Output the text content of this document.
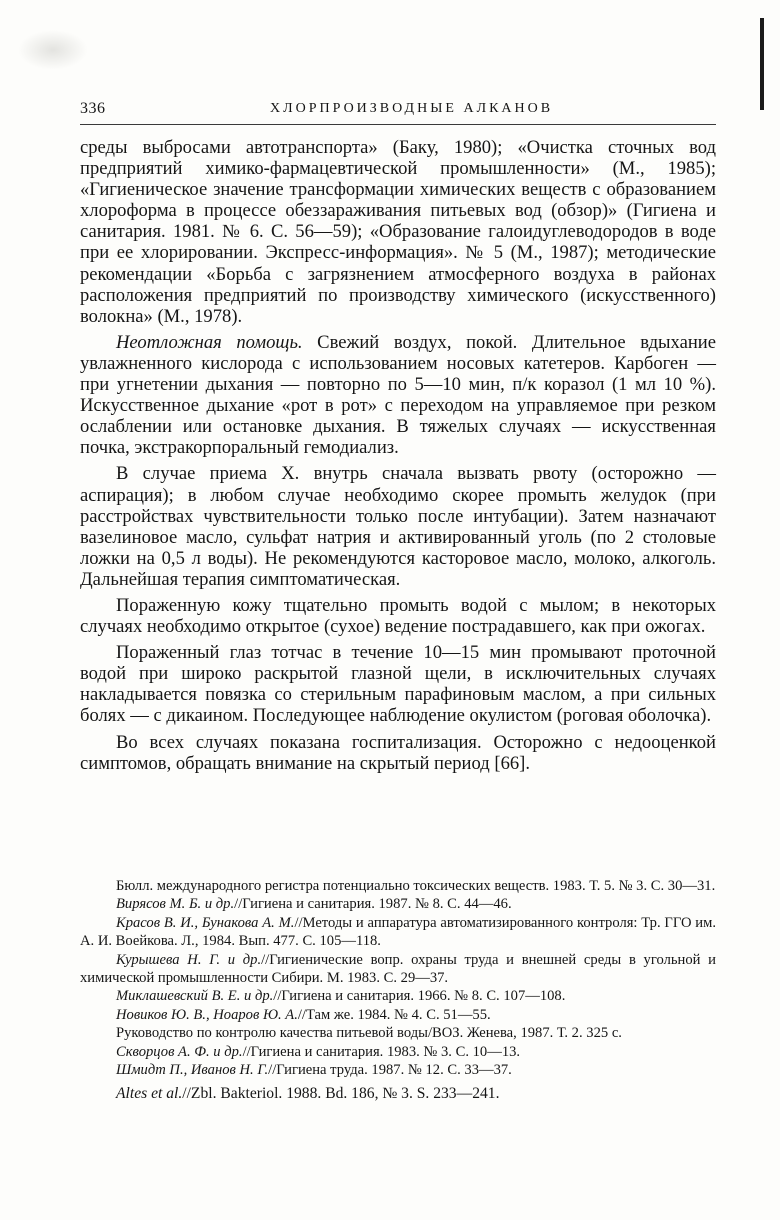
336	ХЛОРПРОИЗВОДНЫЕ АЛКАНОВ

среды выбросами автотранспорта» (Баку, 1980); «Очистка сточных вод предприятий химико-фармацевтической промышленности» (М., 1985); «Гигиеническое значение трансформации химических веществ с образованием хлороформа в процессе обеззараживания питьевых вод (обзор)» (Гигиена и санитария. 1981. № 6. С. 56—59); «Образование галоидуглеводородов в воде при ее хлорировании. Экспресс-информация». № 5 (М., 1987); методические рекомендации «Борьба с загрязнением атмосферного воздуха в районах расположения предприятий по производству химического (искусственного) волокна» (М., 1978).

Неотложная помощь. Свежий воздух, покой. Длительное вдыхание увлажненного кислорода с использованием носовых катетеров. Карбоген — при угнетении дыхания — повторно по 5—10 мин, п/к коразол (1 мл 10 %). Искусственное дыхание «рот в рот» с переходом на управляемое при резком ослаблении или остановке дыхания. В тяжелых случаях — искусственная почка, экстракорпоральный гемодиализ.

В случае приема Х. внутрь сначала вызвать рвоту (осторожно — аспирация); в любом случае необходимо скорее промыть желудок (при расстройствах чувствительности только после интубации). Затем назначают вазелиновое масло, сульфат натрия и активированный уголь (по 2 столовые ложки на 0,5 л воды). Не рекомендуются касторовое масло, молоко, алкоголь. Дальнейшая терапия симптоматическая.

Пораженную кожу тщательно промыть водой с мылом; в некоторых случаях необходимо открытое (сухое) ведение пострадавшего, как при ожогах.

Пораженный глаз тотчас в течение 10—15 мин промывают проточной водой при широко раскрытой глазной щели, в исключительных случаях накладывается повязка со стерильным парафиновым маслом, а при сильных болях — с дикаином. Последующее наблюдение окулистом (роговая оболочка).

Во всех случаях показана госпитализация. Осторожно с недооценкой симптомов, обращать внимание на скрытый период [66].

Бюлл. международного регистра потенциально токсических веществ. 1983. Т. 5. № 3. С. 30—31.

Вирясов М. Б. и др.//Гигиена и санитария. 1987. № 8. С. 44—46.

Красов В. И., Бунакова А. М.//Методы и аппаратура автоматизированного контроля: Тр. ГГО им. А. И. Воейкова. Л., 1984. Вып. 477. С. 105—118.

Курышева Н. Г. и др.//Гигиенические вопр. охраны труда и внешней среды в угольной и химической промышленности Сибири. М. 1983. С. 29—37.

Миклашевский В. Е. и др.//Гигиена и санитария. 1966. № 8. С. 107—108.

Новиков Ю. В., Ноаров Ю. А.//Там же. 1984. № 4. С. 51—55.

Руководство по контролю качества питьевой воды/ВОЗ. Женева, 1987. Т. 2. 325 с.

Скворцов А. Ф. и др.//Гигиена и санитария. 1983. № 3. С. 10—13.

Шмидт П., Иванов Н. Г.//Гигиена труда. 1987. № 12. С. 33—37.

Altes et al.//Zbl. Bakteriol. 1988. Bd. 186, № 3. S. 233—241.
